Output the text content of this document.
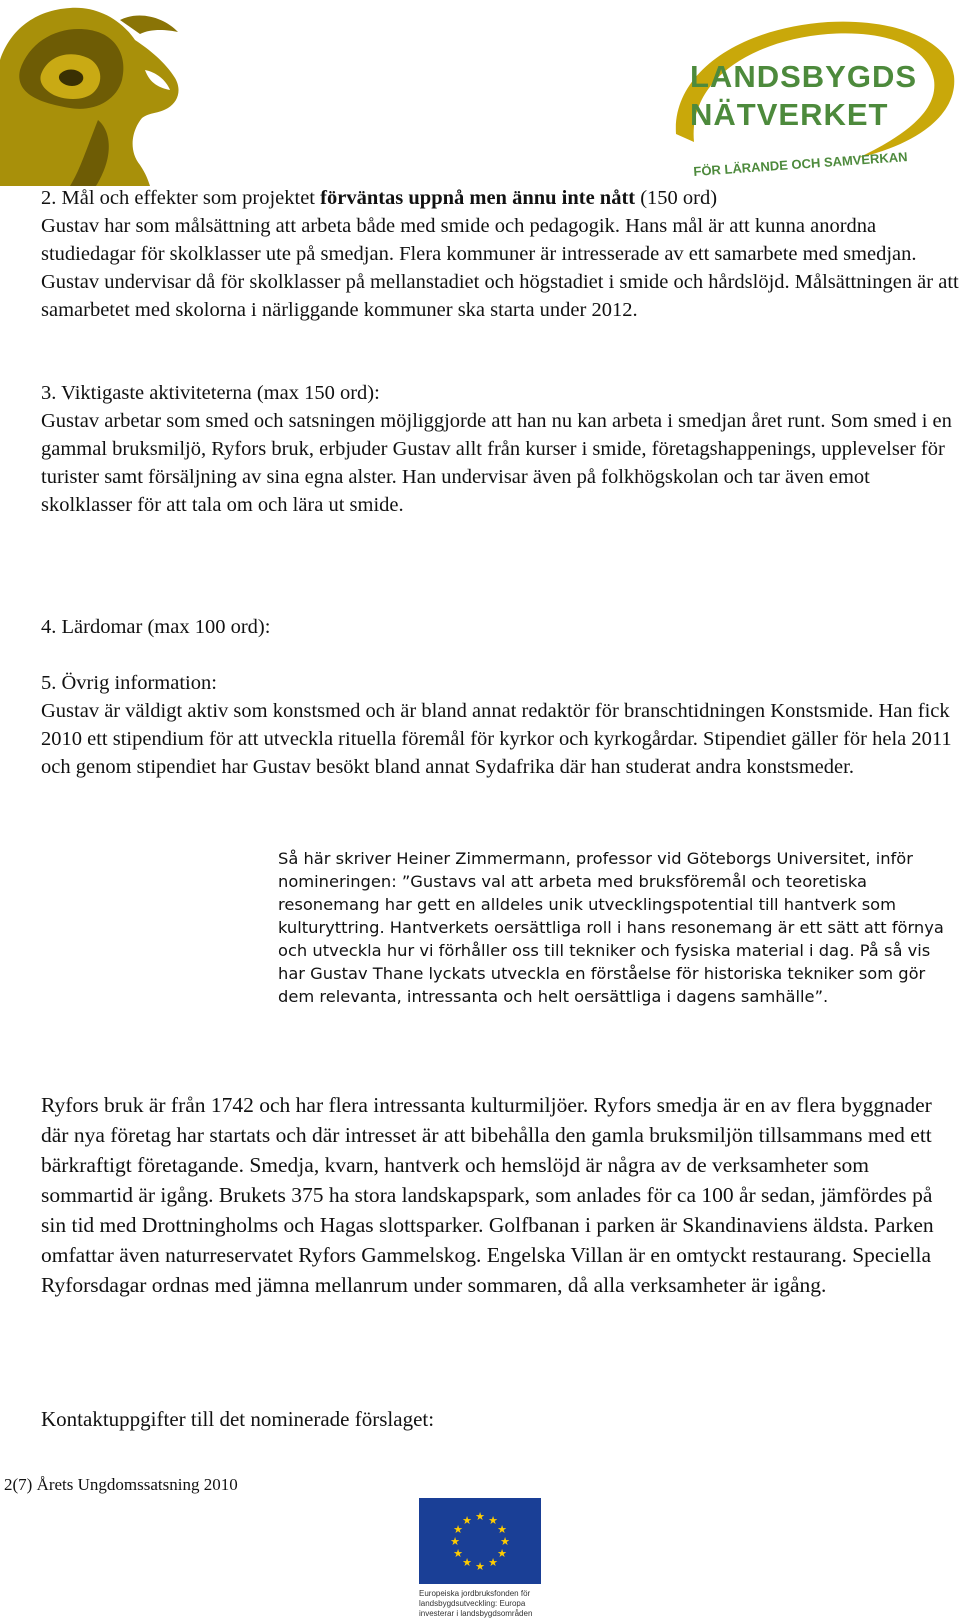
LANDSBYGDS
NÄTVERKET
FÖR LÄRANDE OCH SAMVERKAN

2. Mål och effekter som projektet förväntas uppnå men ännu inte nått (150 ord)

Gustav har som målsättning att arbeta både med smide och pedagogik. Hans mål är att kunna anordna studiedagar för skolklasser ute på smedjan. Flera kommuner är intresserade av ett samarbete med smedjan. Gustav undervisar då för skolklasser på mellanstadiet och högstadiet i smide och hårdslöjd. Målsättningen är att samarbetet med skolorna i närliggande kommuner ska starta under 2012.

3. Viktigaste aktiviteterna (max 150 ord):

Gustav arbetar som smed och satsningen möjliggjorde att han nu kan arbeta i smedjan året runt. Som smed i en gammal bruksmiljö, Ryfors bruk, erbjuder Gustav allt från kurser i smide, företagshappenings, upplevelser för turister samt försäljning av sina egna alster. Han undervisar även på folkhögskolan och tar även emot skolklasser för att tala om och lära ut smide.

4. Lärdomar (max 100 ord):

5. Övrig information:

Gustav är väldigt aktiv som konstsmed och är bland annat redaktör för branschtidningen Konstsmide. Han fick 2010 ett stipendium för att utveckla rituella föremål för kyrkor och kyrkogårdar. Stipendiet gäller för hela 2011 och genom stipendiet har Gustav besökt bland annat Sydafrika där han studerat andra konstsmeder.

Så här skriver Heiner Zimmermann, professor vid Göteborgs Universitet, inför nomineringen: ”Gustavs val att arbeta med bruksföremål och teoretiska resonemang har gett en alldeles unik utvecklingspotential till hantverk som kulturyttring. Hantverkets oersättliga roll i hans resonemang är ett sätt att förnya och utveckla hur vi förhåller oss till tekniker och fysiska material i dag. På så vis har Gustav Thane lyckats utveckla en förståelse för historiska tekniker som gör dem relevanta, intressanta och helt oersättliga i dagens samhälle”.

Ryfors bruk är från 1742 och har flera intressanta kulturmiljöer. Ryfors smedja är en av flera byggnader där nya företag har startats och där intresset är att bibehålla den gamla bruksmiljön tillsammans med ett bärkraftigt företagande. Smedja, kvarn, hantverk och hemslöjd är några av de verksamheter som sommartid är igång. Brukets 375 ha stora landskapspark, som anlades för ca 100 år sedan, jämfördes på sin tid med Drottningholms och Hagas slottsparker. Golfbanan i parken är Skandinaviens äldsta. Parken omfattar även naturreservatet Ryfors Gammelskog. Engelska Villan är en omtyckt restaurang. Speciella Ryforsdagar ordnas med jämna mellanrum under sommaren, då alla verksamheter är igång.

Kontaktuppgifter till det nominerade förslaget:

2(7) Årets Ungdomssatsning 2010

★ ★
★
★
★
★
★
★
★
★
★
★
Europeiska jordbruksfonden för
landsbygdsutveckling: Europa
investerar i landsbygdsområden
